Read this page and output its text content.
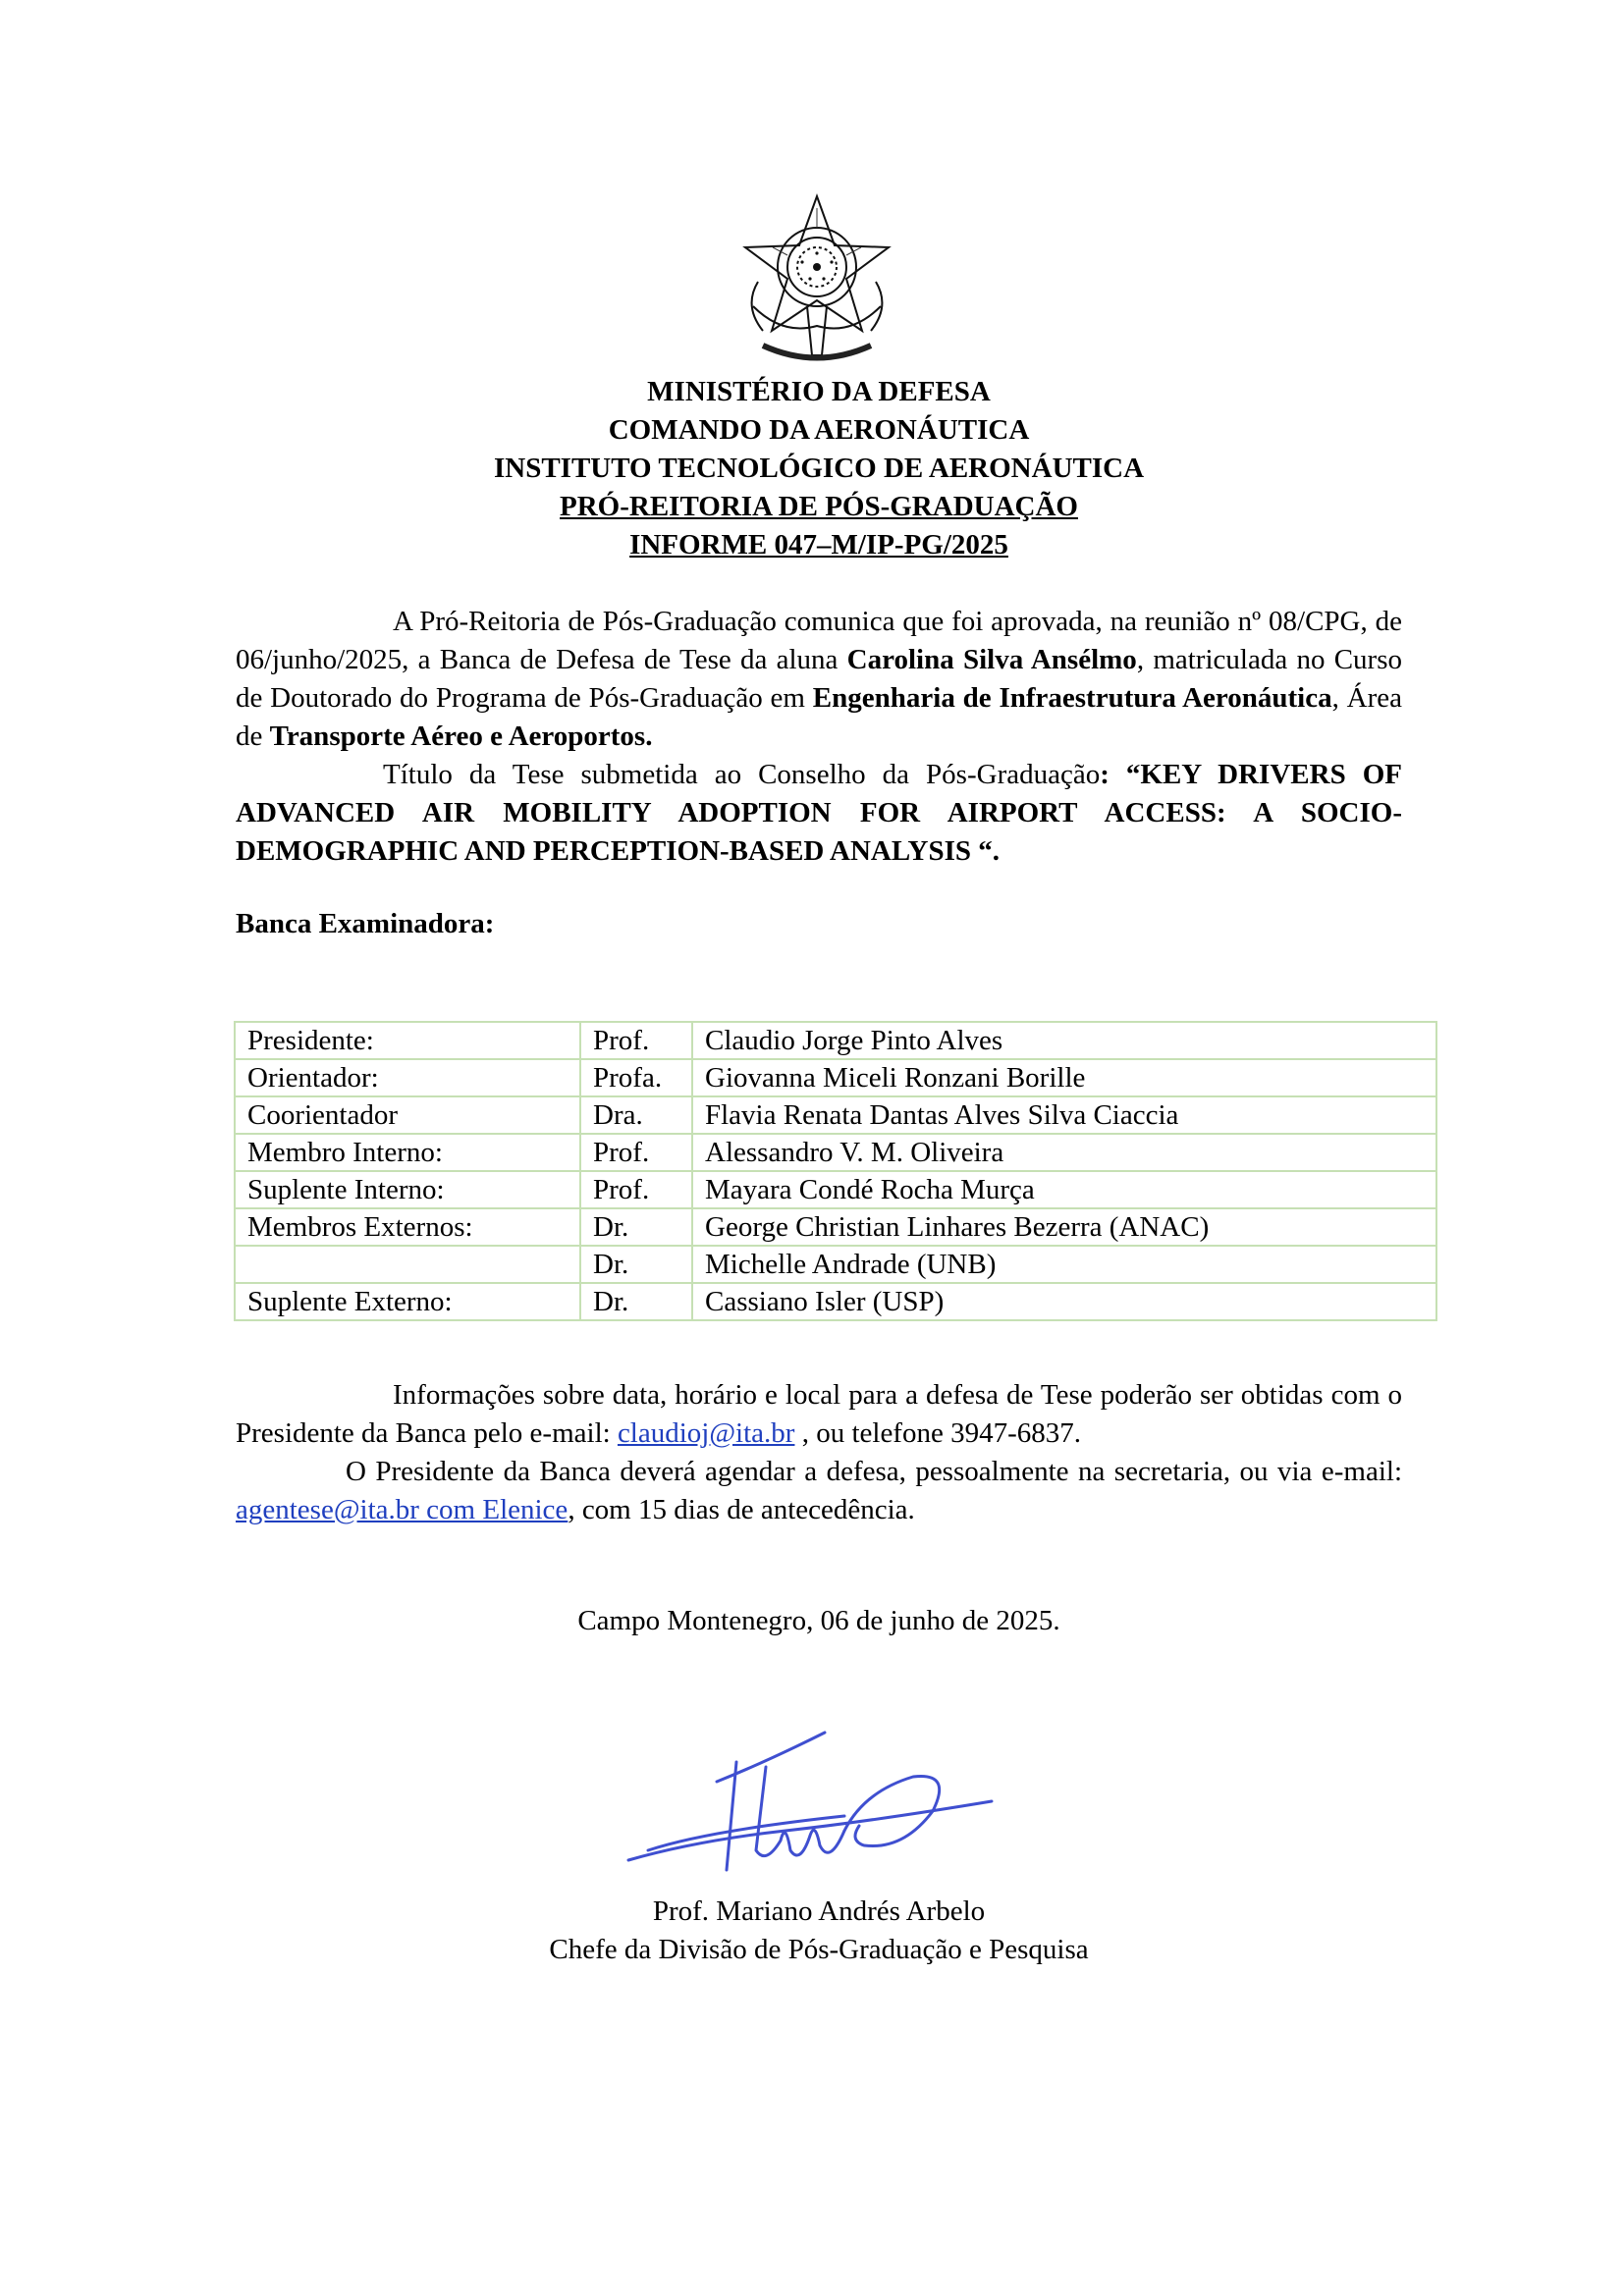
MINISTÉRIO DA DEFESA
COMANDO DA AERONÁUTICA
INSTITUTO TECNOLÓGICO DE AERONÁUTICA
PRÓ-REITORIA DE PÓS-GRADUAÇÃO
INFORME 047–M/IP-PG/2025
A Pró-Reitoria de Pós-Graduação comunica que foi aprovada, na reunião nº 08/CPG, de 06/junho/2025, a Banca de Defesa de Tese da aluna Carolina Silva Ansélmo, matriculada no Curso de Doutorado do Programa de Pós-Graduação em Engenharia de Infraestrutura Aeronáutica, Área de Transporte Aéreo e Aeroportos.
Título da Tese submetida ao Conselho da Pós-Graduação: “KEY DRIVERS OF ADVANCED AIR MOBILITY ADOPTION FOR AIRPORT ACCESS: A SOCIO-DEMOGRAPHIC AND PERCEPTION-BASED ANALYSIS “.
Banca Examinadora:
Presidente:	Prof.	Claudio Jorge Pinto Alves
Orientador:	Profa.	Giovanna Miceli Ronzani Borille
Coorientador	Dra.	Flavia Renata Dantas Alves Silva Ciaccia
Membro Interno:	Prof.	Alessandro V. M. Oliveira
Suplente Interno:	Prof.	Mayara Condé Rocha Murça
Membros Externos:	Dr.	George Christian Linhares Bezerra (ANAC)
	Dr.	Michelle Andrade (UNB)
Suplente Externo:	Dr.	Cassiano Isler (USP)
Informações sobre data, horário e local para a defesa de Tese poderão ser obtidas com o Presidente da Banca pelo e-mail: claudioj@ita.br , ou telefone 3947-6837.
O Presidente da Banca deverá agendar a defesa, pessoalmente na secretaria, ou via e-mail: agentese@ita.br com Elenice, com 15 dias de antecedência.
Campo Montenegro, 06 de junho de 2025.
Prof. Mariano Andrés Arbelo
Chefe da Divisão de Pós-Graduação e Pesquisa
